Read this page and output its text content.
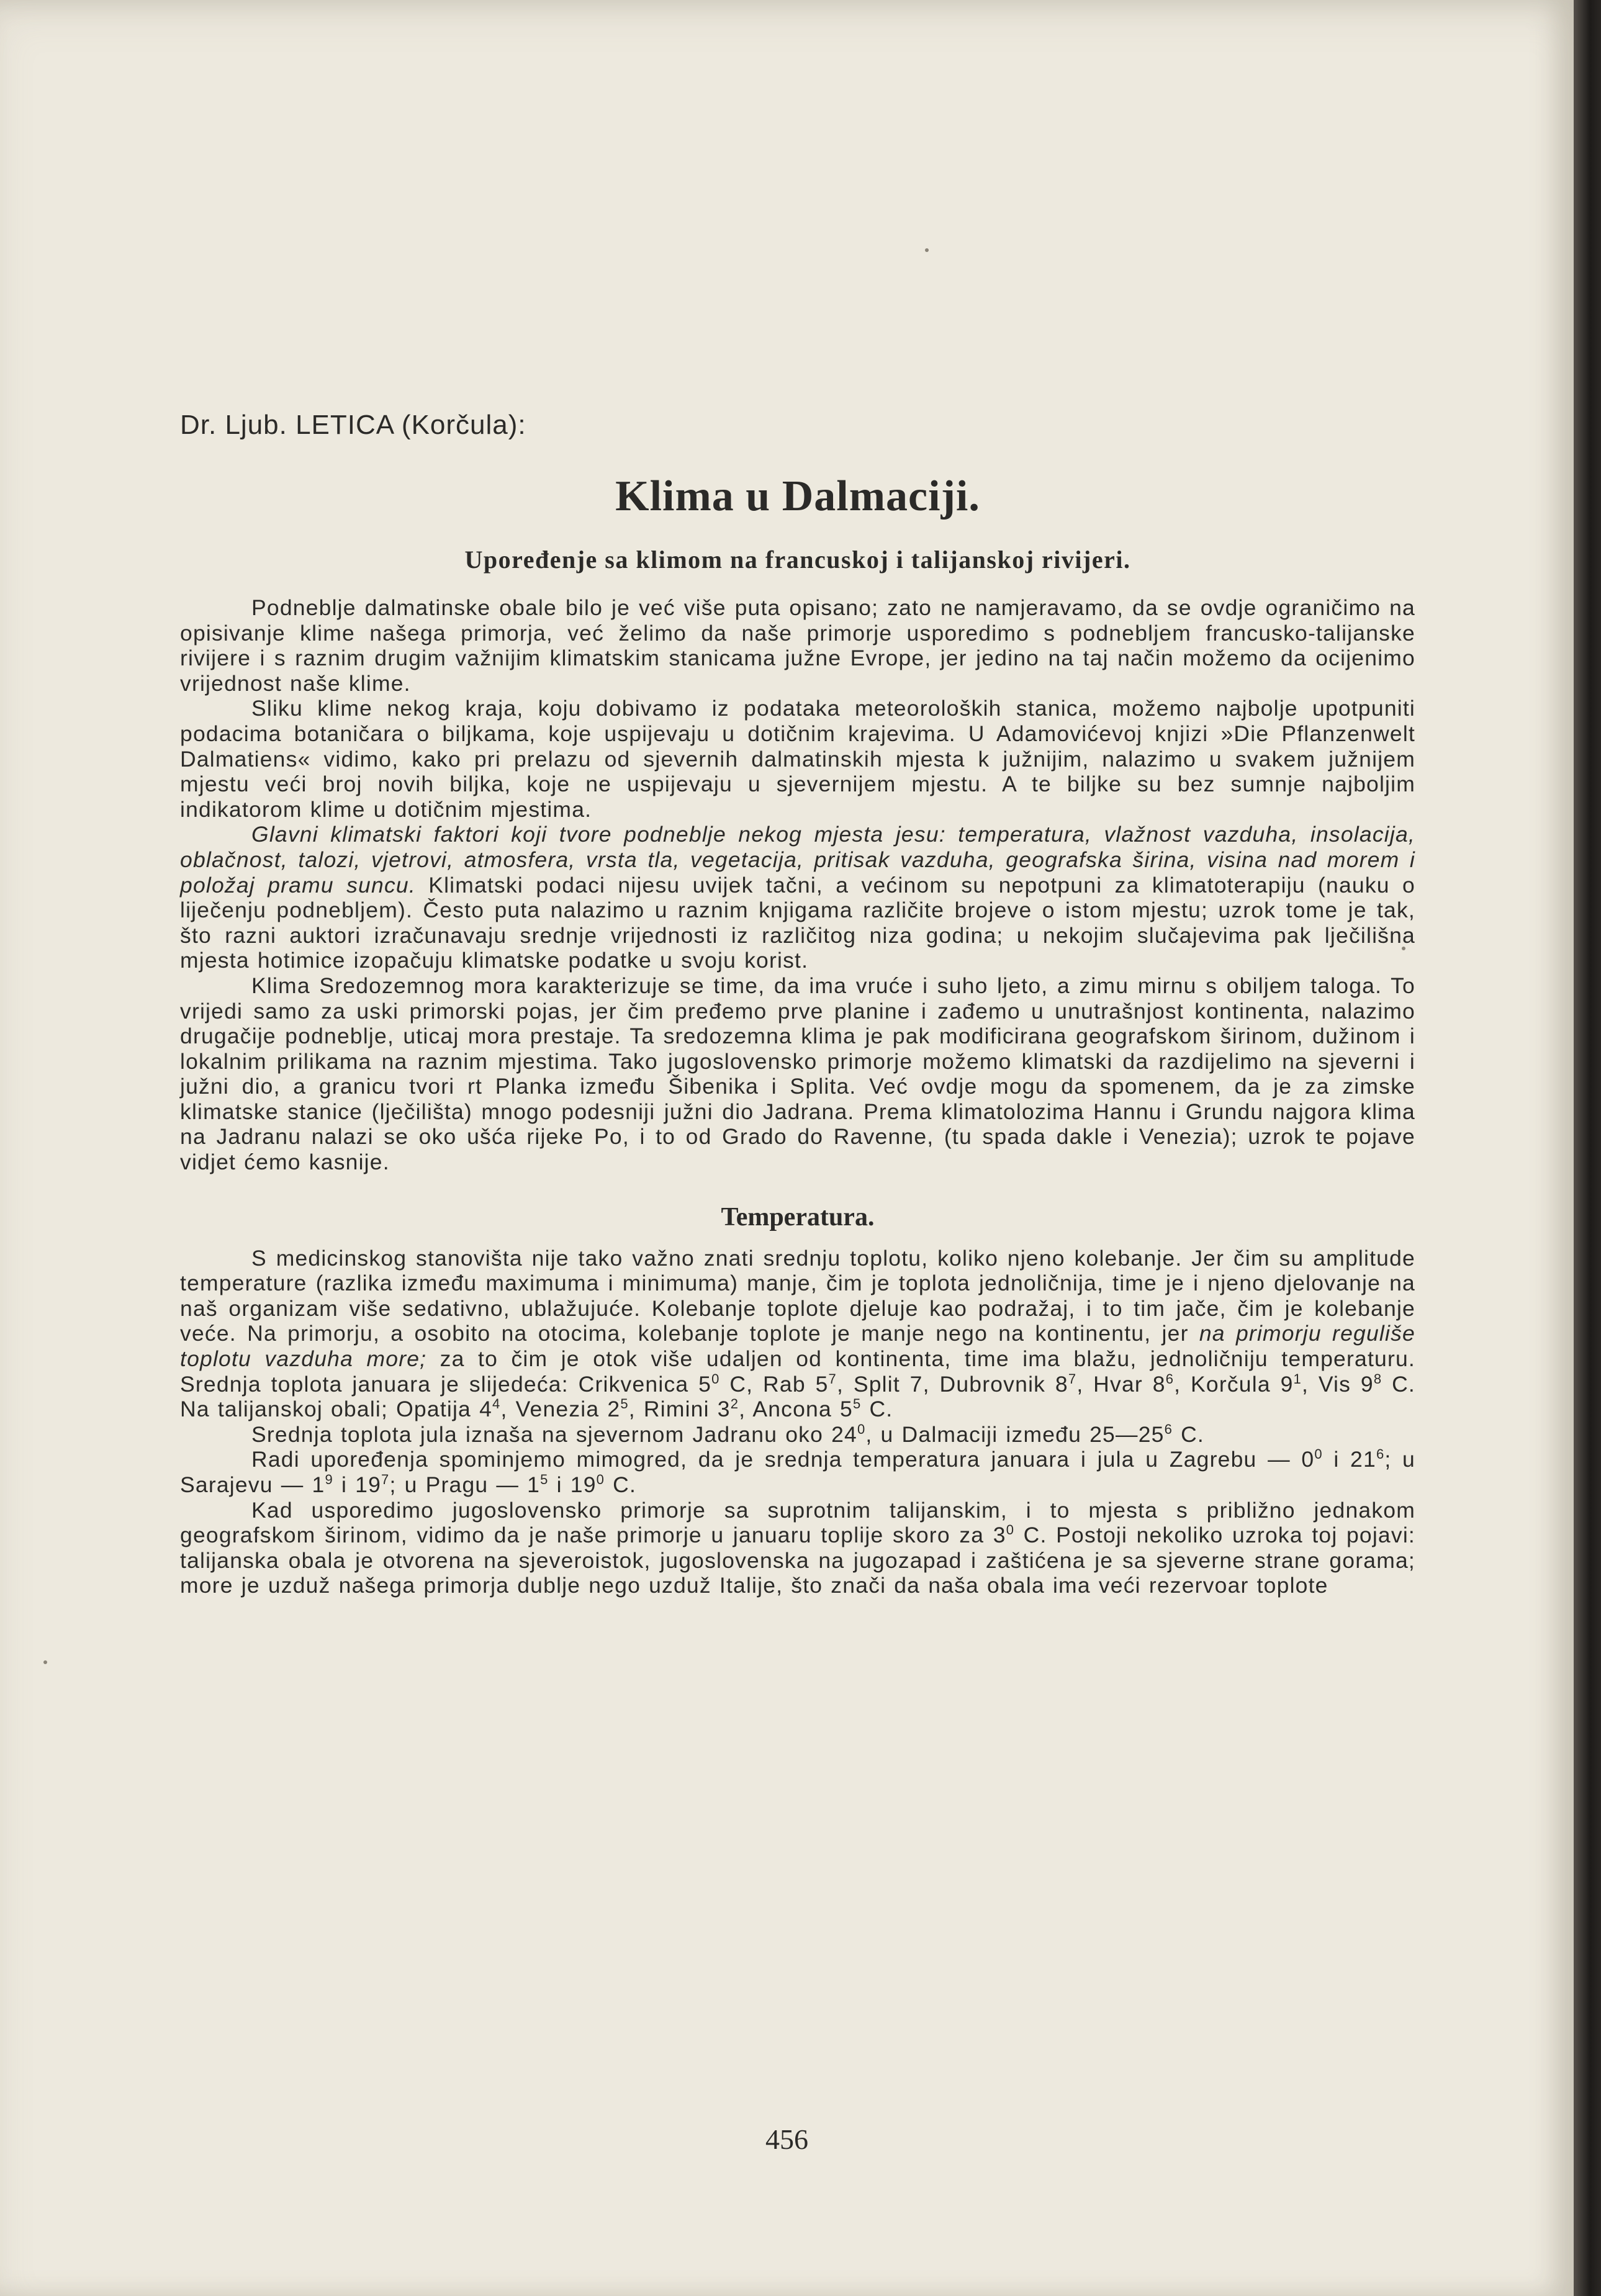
Dr. Ljub. LETICA (Korčula):
Klima u Dalmaciji.
Upoređenje sa klimom na francuskoj i talijanskoj rivijeri.

Podneblje dalmatinske obale bilo je već više puta opisano; zato ne namjeravamo, da se ovdje ograničimo na opisivanje klime našega primorja, već želimo da naše primorje usporedimo s podnebljem francusko-talijanske rivijere i s raznim drugim važnijim klimatskim stanicama južne Evrope, jer jedino na taj način možemo da ocijenimo vrijednost naše klime.

Sliku klime nekog kraja, koju dobivamo iz podataka meteoroloških stanica, možemo najbolje upotpuniti podacima botaničara o biljkama, koje uspijevaju u dotičnim krajevima. U Adamovićevoj knjizi »Die Pflanzenwelt Dalmatiens« vidimo, kako pri prelazu od sjevernih dalmatinskih mjesta k južnijim, nalazimo u svakem južnijem mjestu veći broj novih biljka, koje ne uspijevaju u sjevernijem mjestu. A te biljke su bez sumnje najboljim indikatorom klime u dotičnim mjestima.

Glavni klimatski faktori koji tvore podneblje nekog mjesta jesu: temperatura, vlažnost vazduha, insolacija, oblačnost, talozi, vjetrovi, atmosfera, vrsta tla, vegetacija, pritisak vazduha, geografska širina, visina nad morem i položaj pramu suncu. Klimatski podaci nijesu uvijek tačni, a većinom su nepotpuni za klimatoterapiju (nauku o liječenju podnebljem). Često puta nalazimo u raznim knjigama različite brojeve o istom mjestu; uzrok tome je tak, što razni auktori izračunavaju srednje vrijednosti iz različitog niza godina; u nekojim slučajevima pak lječilišna mjesta hotimice izopačuju klimatske podatke u svoju korist.

Klima Sredozemnog mora karakterizuje se time, da ima vruće i suho ljeto, a zimu mirnu s obiljem taloga. To vrijedi samo za uski primorski pojas, jer čim pređemo prve planine i zađemo u unutrašnjost kontinenta, nalazimo drugačije podneblje, uticaj mora prestaje. Ta sredozemna klima je pak modificirana geografskom širinom, dužinom i lokalnim prilikama na raznim mjestima. Tako jugoslovensko primorje možemo klimatski da razdijelimo na sjeverni i južni dio, a granicu tvori rt Planka između Šibenika i Splita. Već ovdje mogu da spomenem, da je za zimske klimatske stanice (lječilišta) mnogo podesniji južni dio Jadrana. Prema klimatolozima Hannu i Grundu najgora klima na Jadranu nalazi se oko ušća rijeke Po, i to od Grado do Ravenne, (tu spada dakle i Venezia); uzrok te pojave vidjet ćemo kasnije.

Temperatura.

S medicinskog stanovišta nije tako važno znati srednju toplotu, koliko njeno kolebanje. Jer čim su amplitude temperature (razlika između maximuma i minimuma) manje, čim je toplota jednoličnija, time je i njeno djelovanje na naš organizam više sedativno, ublažujuće. Kolebanje toplote djeluje kao podražaj, i to tim jače, čim je kolebanje veće. Na primorju, a osobito na otocima, kolebanje toplote je manje nego na kontinentu, jer na primorju reguliše toplotu vazduha more; za to čim je otok više udaljen od kontinenta, time ima blažu, jednoličniju temperaturu. Srednja toplota januara je slijedeća: Crikvenica $5^0$ C, Rab $5^7$, Split 7, Dubrovnik $8^7$, Hvar $8^6$, Korčula $9^1$, Vis $9^8$ C. Na talijanskoj obali; Opatija $4^4$, Venezia $2^5$, Rimini $3^2$, Ancona $5^5$ C.

Srednja toplota jula iznaša na sjevernom Jadranu oko $24^0$, u Dalmaciji između $25—25^6$ C.

Radi upoređenja spominjemo mimogred, da je srednja temperatura januara i jula u Zagrebu — $0^0$ i $21^6$; u Sarajevu — $1^9$ i $19^7$; u Pragu — $1^5$ i $19^0$ C.

Kad usporedimo jugoslovensko primorje sa suprotnim talijanskim, i to mjesta s približno jednakom geografskom širinom, vidimo da je naše primorje u januaru toplije skoro za $3^0$ C. Postoji nekoliko uzroka toj pojavi: talijanska obala je otvorena na sjeveroistok, jugoslovenska na jugozapad i zaštićena je sa sjeverne strane gorama; more je uzduž našega primorja dublje nego uzduž Italije, što znači da naša obala ima veći rezervoar toplote

456
